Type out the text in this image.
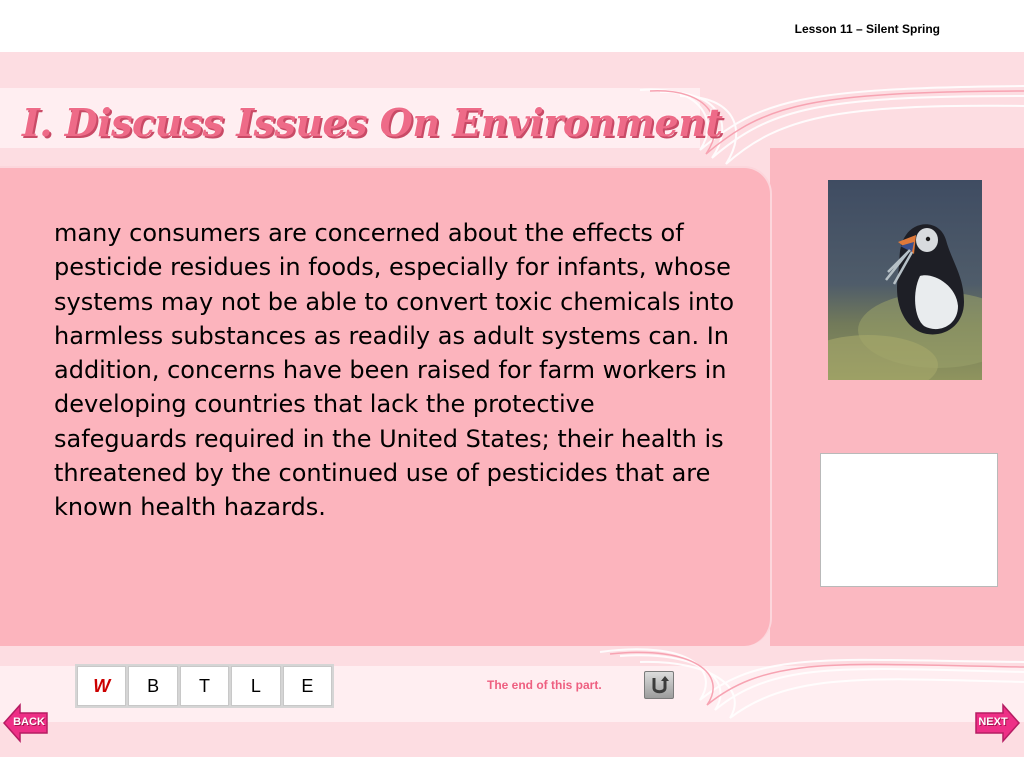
Lesson 11 – Silent Spring
I. Discuss Issues On Environment

many consumers are concerned about the effects of pesticide residues in foods, especially for infants, whose systems may not be able to convert toxic chemicals into harmless substances as readily as adult systems can. In addition, concerns have been raised for farm workers in developing countries that lack the protective safeguards required in the United States; their health is threatened by the continued use of pesticides that are known health hazards.

W	B	T	L	E	The end of this part.
BACK	NEXT
